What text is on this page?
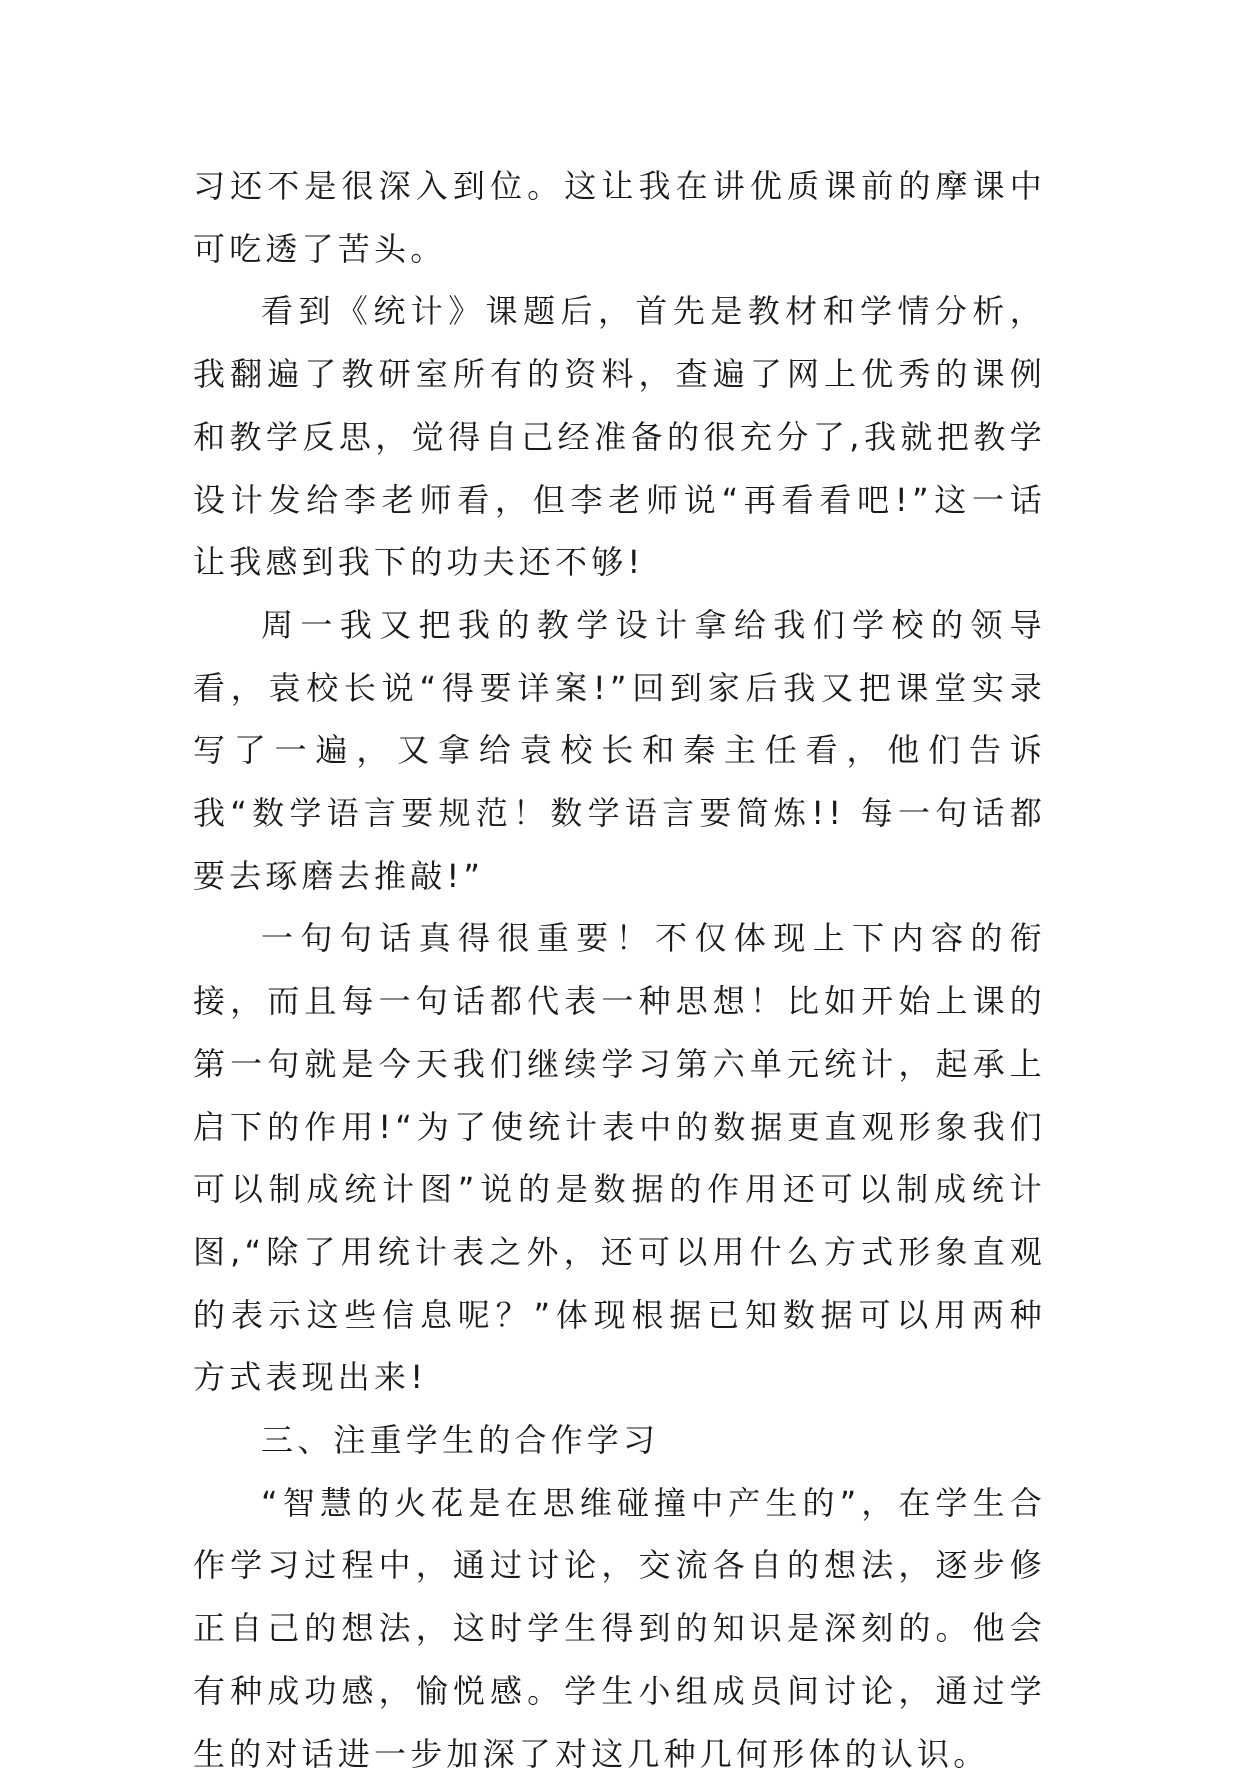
习还不是很深入到位。这让我在讲优质课前的摩课中可吃透了苦头。

看到《统计》课题后，首先是教材和学情分析，我翻遍了教研室所有的资料，查遍了网上优秀的课例和教学反思，觉得自己经准备的很充分了,我就把教学设计发给李老师看，但李老师说“再看看吧!”这一话让我感到我下的功夫还不够!

周一我又把我的教学设计拿给我们学校的领导看，袁校长说“得要详案!”回到家后我又把课堂实录写了一遍，又拿给袁校长和秦主任看，他们告诉我“数学语言要规范！数学语言要简炼!! 每一句话都要去琢磨去推敲!”

一句句话真得很重要！不仅体现上下内容的衔接，而且每一句话都代表一种思想！比如开始上课的第一句就是今天我们继续学习第六单元统计，起承上启下的作用!“为了使统计表中的数据更直观形象我们可以制成统计图”说的是数据的作用还可以制成统计图,“除了用统计表之外，还可以用什么方式形象直观的表示这些信息呢？”体现根据已知数据可以用两种方式表现出来!

三、注重学生的合作学习

“智慧的火花是在思维碰撞中产生的”，在学生合作学习过程中，通过讨论，交流各自的想法，逐步修正自己的想法，这时学生得到的知识是深刻的。他会有种成功感，愉悦感。学生小组成员间讨论，通过学生的对话进一步加深了对这几种几何形体的认识。
